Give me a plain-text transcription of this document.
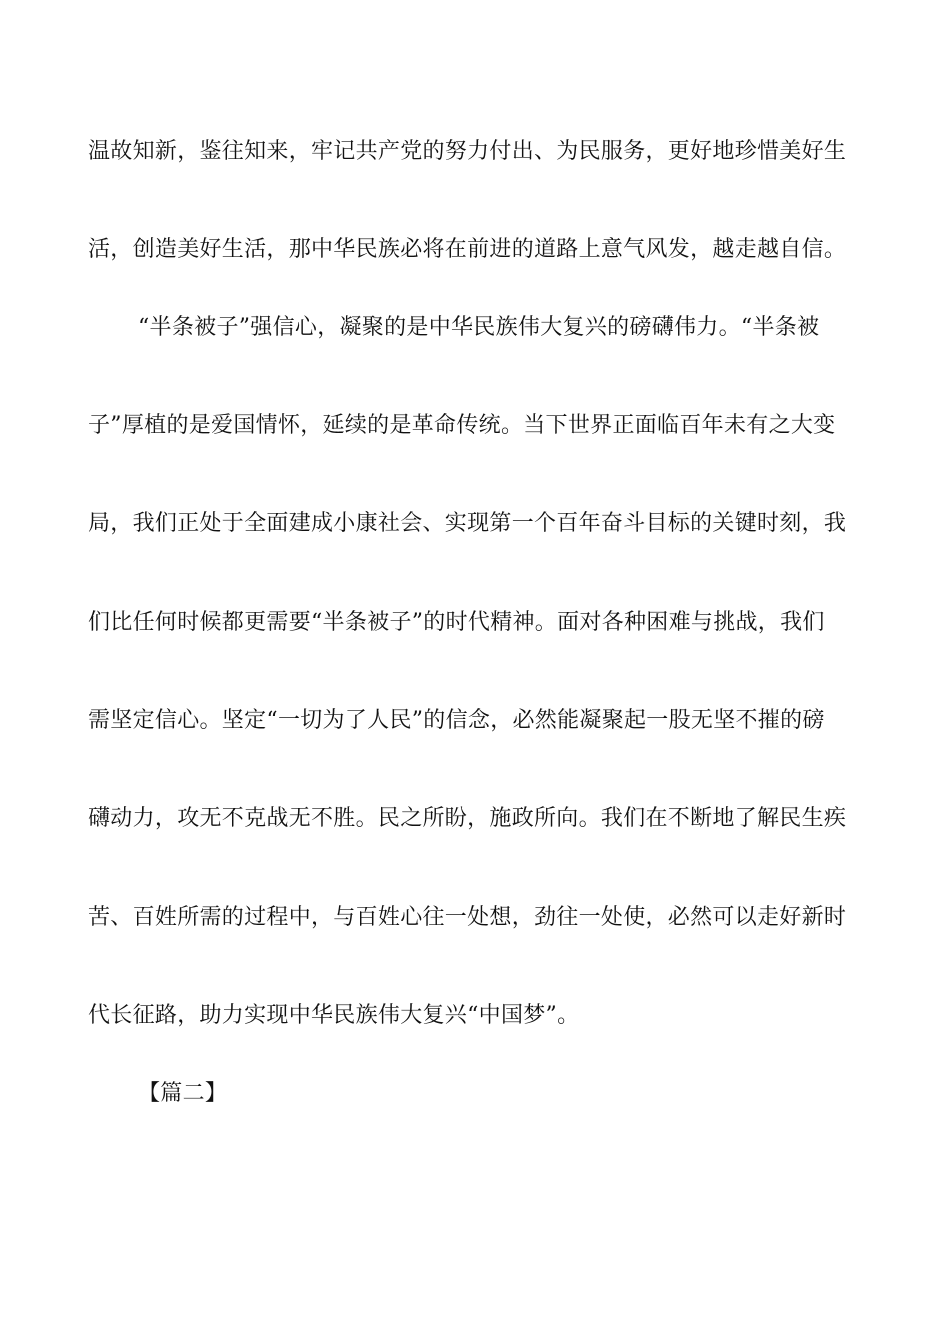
温故知新，鉴往知来，牢记共产党的努力付出、为民服务，更好地珍惜美好生
活，创造美好生活，那中华民族必将在前进的道路上意气风发，越走越自信。
“半条被子”强信心，凝聚的是中华民族伟大复兴的磅礴伟力。“半条被
子”厚植的是爱国情怀，延续的是革命传统。当下世界正面临百年未有之大变
局，我们正处于全面建成小康社会、实现第一个百年奋斗目标的关键时刻，我
们比任何时候都更需要“半条被子”的时代精神。面对各种困难与挑战，我们
需坚定信心。坚定“一切为了人民”的信念，必然能凝聚起一股无坚不摧的磅
礴动力，攻无不克战无不胜。民之所盼，施政所向。我们在不断地了解民生疾
苦、百姓所需的过程中，与百姓心往一处想，劲往一处使，必然可以走好新时
代长征路，助力实现中华民族伟大复兴“中国梦”。
【篇二】
